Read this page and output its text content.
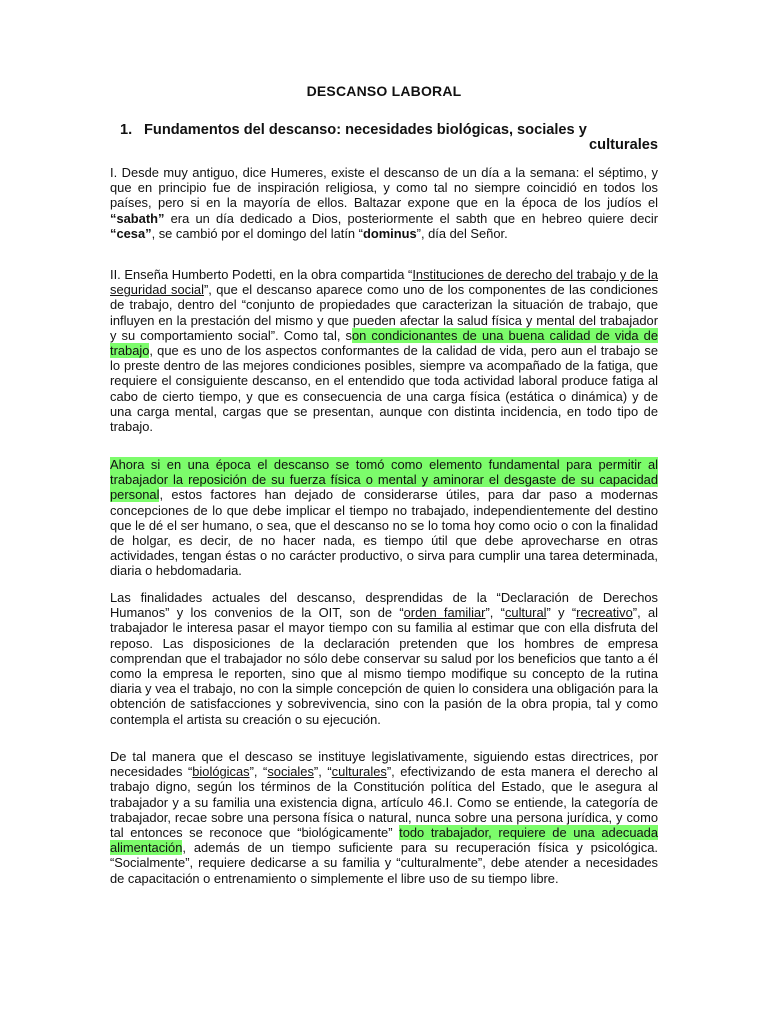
DESCANSO LABORAL
1. Fundamentos del descanso: necesidades biológicas, sociales y
culturales

I. Desde muy antiguo, dice Humeres, existe el descanso de un día a la semana: el séptimo, y que en principio fue de inspiración religiosa, y como tal no siempre coincidió en todos los países, pero si en la mayoría de ellos. Baltazar expone que en la época de los judíos el “sabath” era un día dedicado a Dios, posteriormente el sabth que en hebreo quiere decir “cesa”, se cambió por el domingo del latín “dominus”, día del Señor.

II. Enseña Humberto Podetti, en la obra compartida “Instituciones de derecho del trabajo y de la seguridad social”, que el descanso aparece como uno de los componentes de las condiciones de trabajo, dentro del “conjunto de propiedades que caracterizan la situación de trabajo, que influyen en la prestación del mismo y que pueden afectar la salud física y mental del trabajador y su comportamiento social”. Como tal, son condicionantes de una buena calidad de vida de trabajo, que es uno de los aspectos conformantes de la calidad de vida, pero aun el trabajo se lo preste dentro de las mejores condiciones posibles, siempre va acompañado de la fatiga, que requiere el consiguiente descanso, en el entendido que toda actividad laboral produce fatiga al cabo de cierto tiempo, y que es consecuencia de una carga física (estática o dinámica) y de una carga mental, cargas que se presentan, aunque con distinta incidencia, en todo tipo de trabajo.

Ahora si en una época el descanso se tomó como elemento fundamental para permitir al trabajador la reposición de su fuerza física o mental y aminorar el desgaste de su capacidad personal, estos factores han dejado de considerarse útiles, para dar paso a modernas concepciones de lo que debe implicar el tiempo no trabajado, independientemente del destino que le dé el ser humano, o sea, que el descanso no se lo toma hoy como ocio o con la finalidad de holgar, es decir, de no hacer nada, es tiempo útil que debe aprovecharse en otras actividades, tengan éstas o no carácter productivo, o sirva para cumplir una tarea determinada, diaria o hebdomadaria.

Las finalidades actuales del descanso, desprendidas de la “Declaración de Derechos Humanos” y los convenios de la OIT, son de “orden familiar”, “cultural” y “recreativo”, al trabajador le interesa pasar el mayor tiempo con su familia al estimar que con ella disfruta del reposo. Las disposiciones de la declaración pretenden que los hombres de empresa comprendan que el trabajador no sólo debe conservar su salud por los beneficios que tanto a él como la empresa le reporten, sino que al mismo tiempo modifique su concepto de la rutina diaria y vea el trabajo, no con la simple concepción de quien lo considera una obligación para la obtención de satisfacciones y sobrevivencia, sino con la pasión de la obra propia, tal y como contempla el artista su creación o su ejecución.

De tal manera que el descaso se instituye legislativamente, siguiendo estas directrices, por necesidades “biológicas”, “sociales”, “culturales”, efectivizando de esta manera el derecho al trabajo digno, según los términos de la Constitución política del Estado, que le asegura al trabajador y a su familia una existencia digna, artículo 46.I. Como se entiende, la categoría de trabajador, recae sobre una persona física o natural, nunca sobre una persona jurídica, y como tal entonces se reconoce que “biológicamente” todo trabajador, requiere de una adecuada alimentación, además de un tiempo suficiente para su recuperación física y psicológica. “Socialmente”, requiere dedicarse a su familia y “culturalmente”, debe atender a necesidades de capacitación o entrenamiento o simplemente el libre uso de su tiempo libre.
